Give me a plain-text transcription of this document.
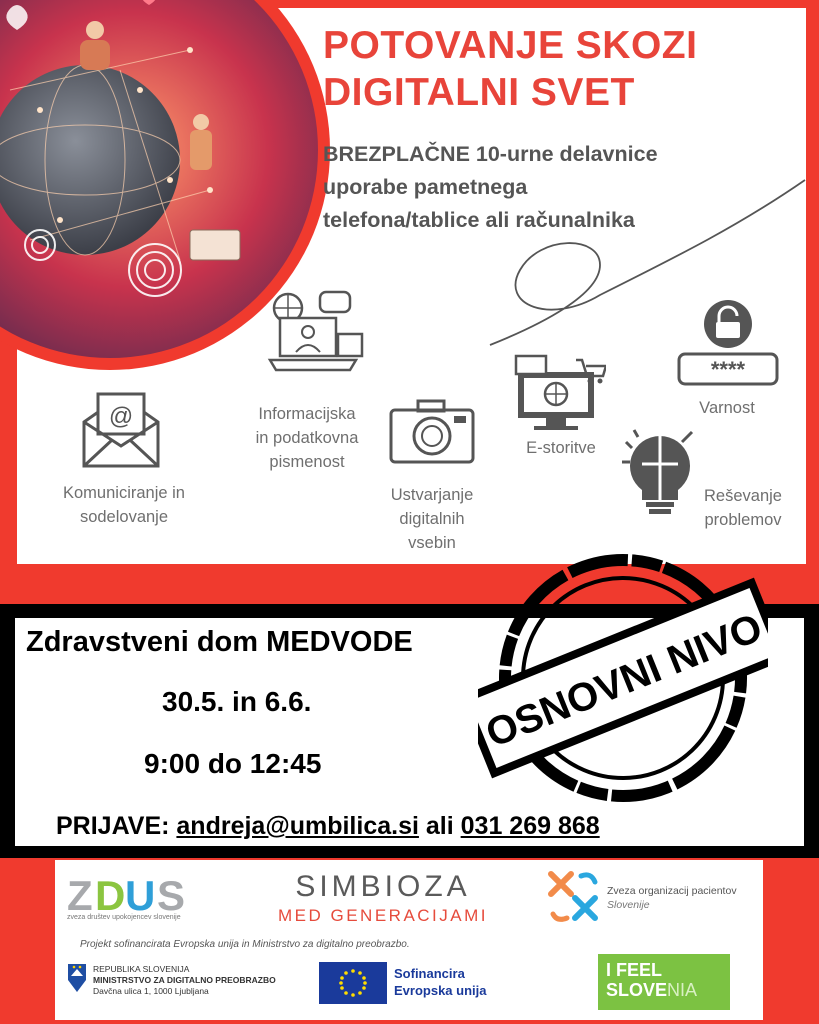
POTOVANJE SKOZI
DIGITALNI SVET
BREZPLAČNE 10-urne delavnice
uporabe pametnega
telefona/tablice ali računalnika
@
Komuniciranje in
sodelovanje
Informacijska
in podatkovna
pismenost
Ustvarjanje
digitalnih
vsebin
E-storitve
****
Varnost
Reševanje
problemov
Zdravstveni dom MEDVODE
30.5. in 6.6.
9:00 do 12:45
PRIJAVE: andreja@umbilica.si ali 031 269 868
OSNOVNI NIVO
Z D U S
zveza društev upokojencev slovenije
SIMBIOZA
MED GENERACIJAMI
Zveza organizacij pacientov
Slovenije
Projekt sofinancirata Evropska unija in Ministrstvo za digitalno preobrazbo.
REPUBLIKA SLOVENIJA
MINISTRSTVO ZA DIGITALNO PREOBRAZBO
Davčna ulica 1, 1000 Ljubljana
Sofinancira
Evropska unija
I FEEL
SLOVENIA
